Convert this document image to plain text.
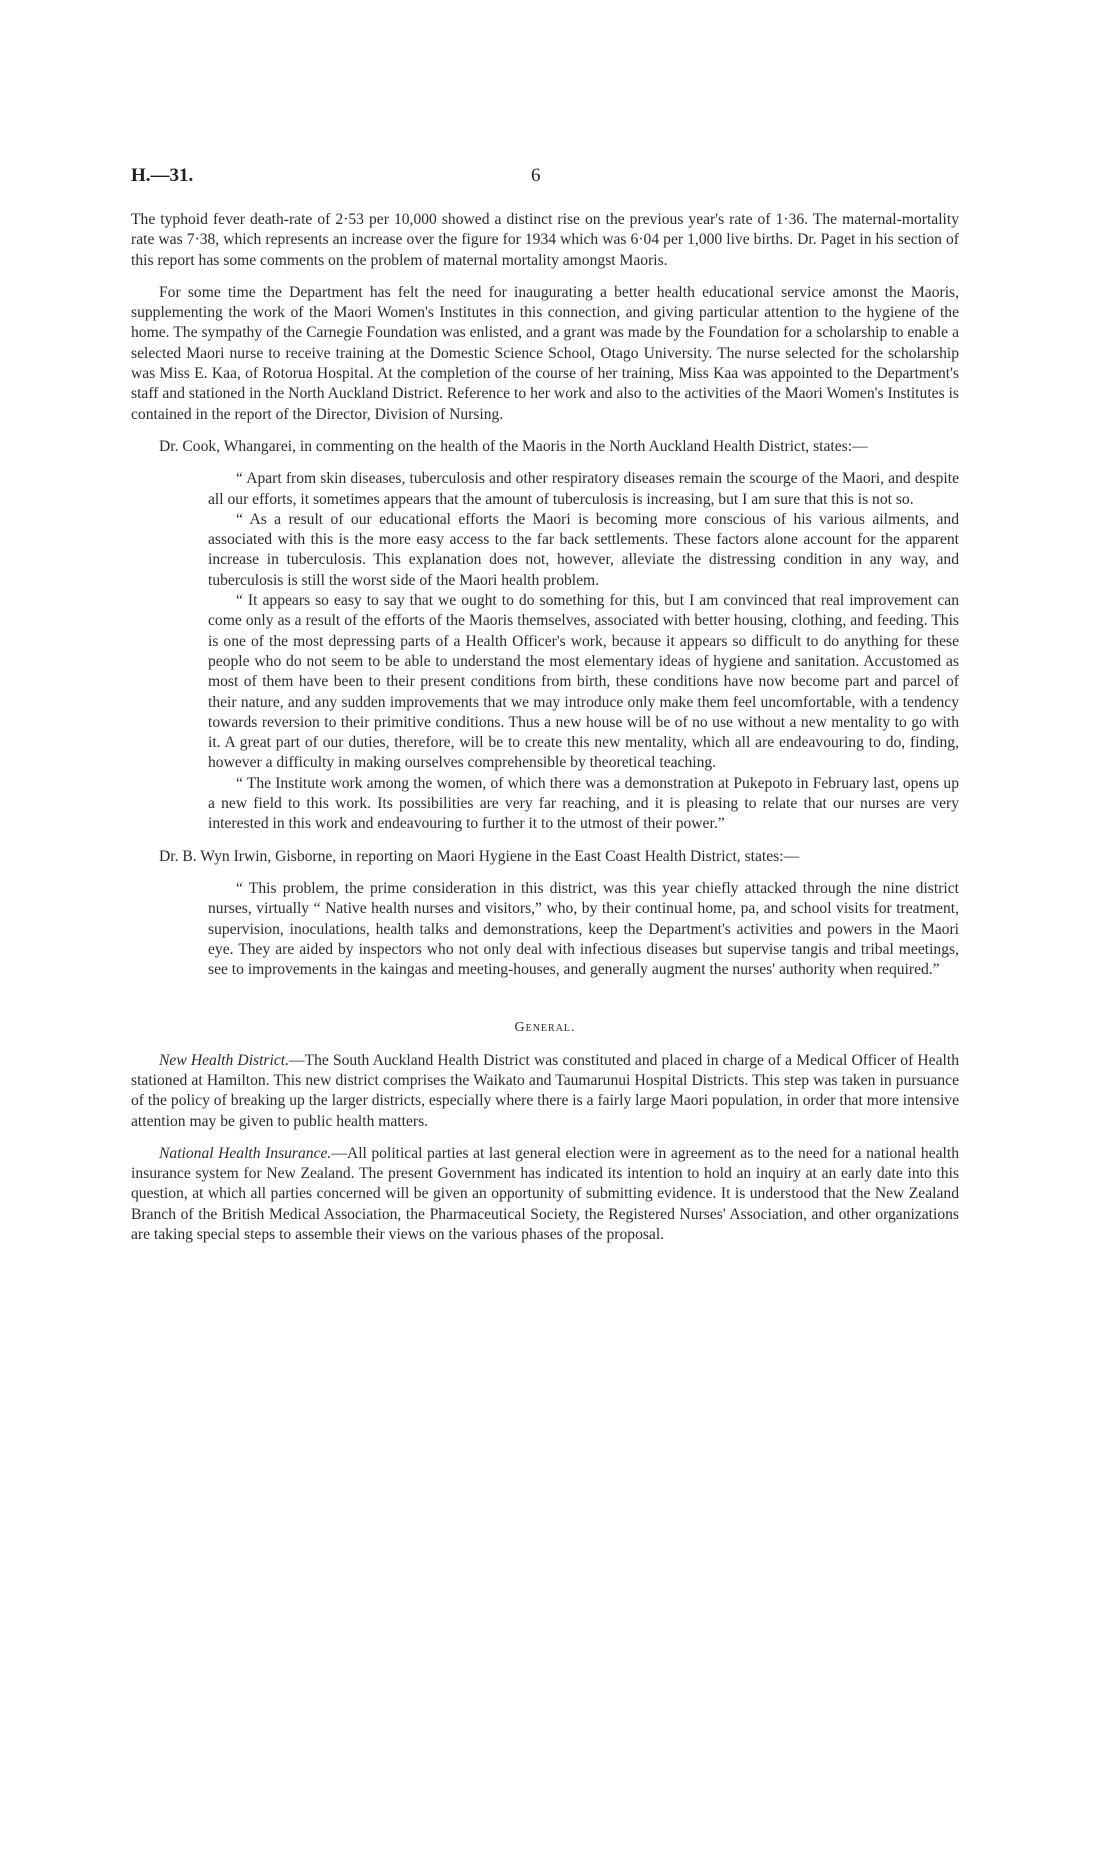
H.—31.	6

The typhoid fever death-rate of 2·53 per 10,000 showed a distinct rise on the previous year's rate of 1·36. The maternal-mortality rate was 7·38, which represents an increase over the figure for 1934 which was 6·04 per 1,000 live births. Dr. Paget in his section of this report has some comments on the problem of maternal mortality amongst Maoris.

For some time the Department has felt the need for inaugurating a better health educational service amonst the Maoris, supplementing the work of the Maori Women's Institutes in this connection, and giving particular attention to the hygiene of the home. The sympathy of the Carnegie Foundation was enlisted, and a grant was made by the Foundation for a scholarship to enable a selected Maori nurse to receive training at the Domestic Science School, Otago University. The nurse selected for the scholarship was Miss E. Kaa, of Rotorua Hospital. At the completion of the course of her training, Miss Kaa was appointed to the Department's staff and stationed in the North Auckland District. Reference to her work and also to the activities of the Maori Women's Institutes is contained in the report of the Director, Division of Nursing.

Dr. Cook, Whangarei, in commenting on the health of the Maoris in the North Auckland Health District, states:—

“ Apart from skin diseases, tuberculosis and other respiratory diseases remain the scourge of the Maori, and despite all our efforts, it sometimes appears that the amount of tuberculosis is increasing, but I am sure that this is not so.

“ As a result of our educational efforts the Maori is becoming more conscious of his various ailments, and associated with this is the more easy access to the far back settlements. These factors alone account for the apparent increase in tuberculosis. This explanation does not, however, alleviate the distressing condition in any way, and tuberculosis is still the worst side of the Maori health problem.

“ It appears so easy to say that we ought to do something for this, but I am convinced that real improvement can come only as a result of the efforts of the Maoris themselves, associated with better housing, clothing, and feeding. This is one of the most depressing parts of a Health Officer's work, because it appears so difficult to do anything for these people who do not seem to be able to understand the most elementary ideas of hygiene and sanitation. Accustomed as most of them have been to their present conditions from birth, these conditions have now become part and parcel of their nature, and any sudden improvements that we may introduce only make them feel uncomfortable, with a tendency towards reversion to their primitive conditions. Thus a new house will be of no use without a new mentality to go with it. A great part of our duties, therefore, will be to create this new mentality, which all are endeavouring to do, finding, however a difficulty in making ourselves comprehensible by theoretical teaching.

“ The Institute work among the women, of which there was a demonstration at Pukepoto in February last, opens up a new field to this work. Its possibilities are very far reaching, and it is pleasing to relate that our nurses are very interested in this work and endeavouring to further it to the utmost of their power.”

Dr. B. Wyn Irwin, Gisborne, in reporting on Maori Hygiene in the East Coast Health District, states:—

“ This problem, the prime consideration in this district, was this year chiefly attacked through the nine district nurses, virtually “ Native health nurses and visitors,” who, by their continual home, pa, and school visits for treatment, supervision, inoculations, health talks and demonstrations, keep the Department's activities and powers in the Maori eye. They are aided by inspectors who not only deal with infectious diseases but supervise tangis and tribal meetings, see to improvements in the kaingas and meeting-houses, and generally augment the nurses' authority when required.”

General.

New Health District.—The South Auckland Health District was constituted and placed in charge of a Medical Officer of Health stationed at Hamilton. This new district comprises the Waikato and Taumarunui Hospital Districts. This step was taken in pursuance of the policy of breaking up the larger districts, especially where there is a fairly large Maori population, in order that more intensive attention may be given to public health matters.

National Health Insurance.—All political parties at last general election were in agreement as to the need for a national health insurance system for New Zealand. The present Government has indicated its intention to hold an inquiry at an early date into this question, at which all parties concerned will be given an opportunity of submitting evidence. It is understood that the New Zealand Branch of the British Medical Association, the Pharmaceutical Society, the Registered Nurses' Association, and other organizations are taking special steps to assemble their views on the various phases of the proposal.
